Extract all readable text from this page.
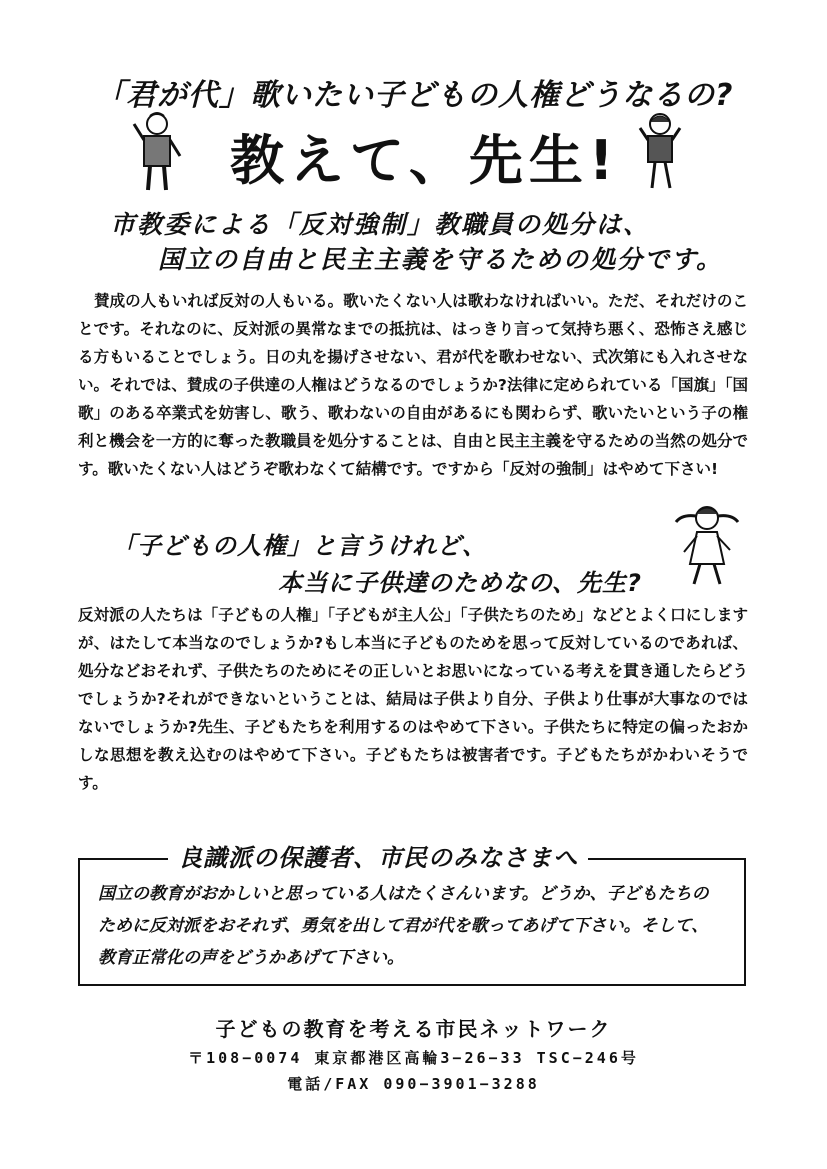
「君が代」歌いたい子どもの人権どうなるの?
教えて、先生!
市教委による「反対強制」教職員の処分は、
国立の自由と民主主義を守るための処分です。
賛成の人もいれば反対の人もいる。歌いたくない人は歌わなければいい。ただ、それだけのことです。それなのに、反対派の異常なまでの抵抗は、はっきり言って気持ち悪く、恐怖さえ感じる方もいることでしょう。日の丸を揚げさせない、君が代を歌わせない、式次第にも入れさせない。それでは、賛成の子供達の人権はどうなるのでしょうか?法律に定められている「国旗」「国歌」のある卒業式を妨害し、歌う、歌わないの自由があるにも関わらず、歌いたいという子の権利と機会を一方的に奪った教職員を処分することは、自由と民主主義を守るための当然の処分です。歌いたくない人はどうぞ歌わなくて結構です。ですから「反対の強制」はやめて下さい!
「子どもの人権」と言うけれど、
本当に子供達のためなの、先生?
反対派の人たちは「子どもの人権」「子どもが主人公」「子供たちのため」などとよく口にしますが、はたして本当なのでしょうか?もし本当に子どものためを思って反対しているのであれば、処分などおそれず、子供たちのためにその正しいとお思いになっている考えを貫き通したらどうでしょうか?それができないということは、結局は子供より自分、子供より仕事が大事なのではないでしょうか?先生、子どもたちを利用するのはやめて下さい。子供たちに特定の偏ったおかしな思想を教え込むのはやめて下さい。子どもたちは被害者です。子どもたちがかわいそうです。
良識派の保護者、市民のみなさまへ
国立の教育がおかしいと思っている人はたくさんいます。どうか、子どもたちのために反対派をおそれず、勇気を出して君が代を歌ってあげて下さい。そして、教育正常化の声をどうかあげて下さい。
子どもの教育を考える市民ネットワーク
〒108−0074 東京都港区高輪3−26−33 TSC−246号
電話/FAX 090−3901−3288
